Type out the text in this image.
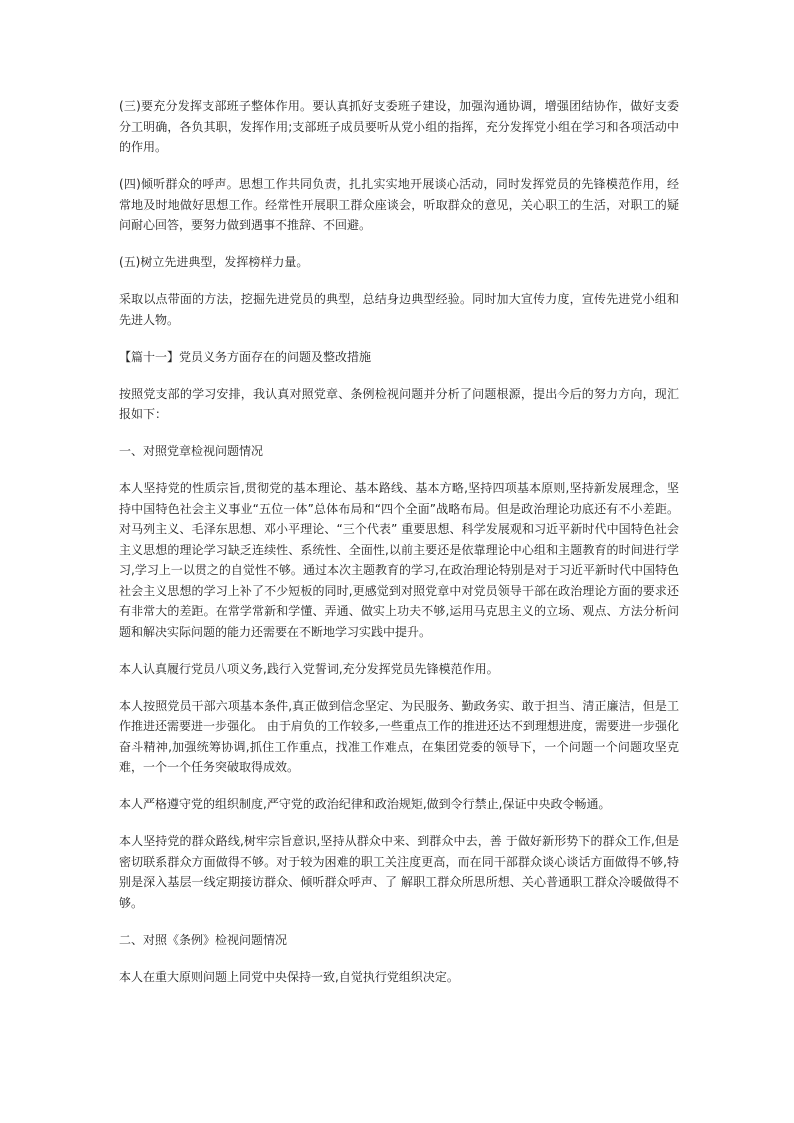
(三)要充分发挥支部班子整体作用。要认真抓好支委班子建设，加强沟通协调，增强团结协作，做好支委分工明确，各负其职，发挥作用;支部班子成员要听从党小组的指挥，充分发挥党小组在学习和各项活动中的作用。

(四)倾听群众的呼声。思想工作共同负责，扎扎实实地开展谈心活动，同时发挥党员的先锋模范作用，经常地及时地做好思想工作。经常性开展职工群众座谈会，听取群众的意见，关心职工的生活，对职工的疑问耐心回答，要努力做到遇事不推辞、不回避。

(五)树立先进典型，发挥榜样力量。

采取以点带面的方法，挖掘先进党员的典型，总结身边典型经验。同时加大宣传力度，宣传先进党小组和先进人物。

【篇十一】党员义务方面存在的问题及整改措施

按照党支部的学习安排，我认真对照党章、条例检视问题并分析了问题根源，提出今后的努力方向，现汇报如下：

一、对照党章检视问题情况

本人坚持党的性质宗旨,贯彻党的基本理论、基本路线、基本方略,坚持四项基本原则,坚持新发展理念，坚持中国特色社会主义事业“五位一体”总体布局和“四个全面”战略布局。但是政治理论功底还有不小差距。对马列主义、毛泽东思想、邓小平理论、“三个代表” 重要思想、科学发展观和习近平新时代中国特色社会主义思想的理论学习缺乏连续性、系统性、全面性,以前主要还是依靠理论中心组和主题教育的时间进行学习,学习上一以贯之的自觉性不够。通过本次主题教育的学习,在政治理论特别是对于习近平新时代中国特色社会主义思想的学习上补了不少短板的同时,更感觉到对照党章中对党员领导干部在政治理论方面的要求还有非常大的差距。在常学常新和学懂、弄通、做实上功夫不够,运用马克思主义的立场、观点、方法分析问题和解决实际问题的能力还需要在不断地学习实践中提升。

本人认真履行党员八项义务,践行入党誓词,充分发挥党员先锋模范作用。

本人按照党员干部六项基本条件,真正做到信念坚定、为民服务、勤政务实、敢于担当、清正廉洁，但是工作推进还需要进一步强化。 由于肩负的工作较多,一些重点工作的推进还达不到理想进度，需要进一步强化奋斗精神,加强统筹协调,抓住工作重点，找准工作难点，在集团党委的领导下，一个问题一个问题攻坚克难，一个一个任务突破取得成效。

本人严格遵守党的组织制度,严守党的政治纪律和政治规矩,做到令行禁止,保证中央政令畅通。

本人坚持党的群众路线,树牢宗旨意识,坚持从群众中来、到群众中去，善 于做好新形势下的群众工作,但是密切联系群众方面做得不够。对于较为困难的职工关注度更高，而在同干部群众谈心谈话方面做得不够,特别是深入基层一线定期接访群众、倾听群众呼声、了 解职工群众所思所想、关心普通职工群众冷暖做得不够。

二、对照《条例》检视问题情况

本人在重大原则问题上同党中央保持一致,自觉执行党组织决定。
